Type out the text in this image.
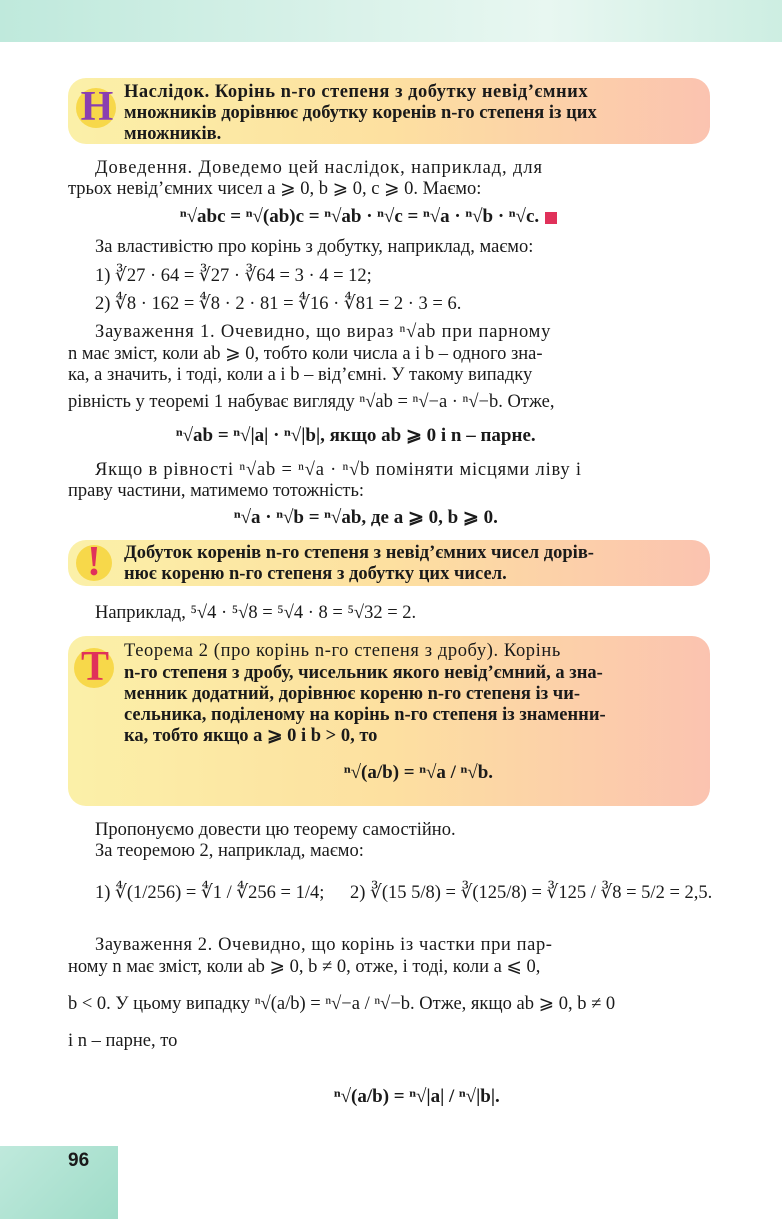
Н Наслідок. Корінь n-го степеня з добутку невід’ємних
множників дорівнює добутку коренів n-го степеня із цих
множників.
Доведення. Доведемо цей наслідок, наприклад, для
трьох невід’ємних чисел a ⩾ 0, b ⩾ 0, c ⩾ 0. Маємо:
ⁿ√abc = ⁿ√(ab)c = ⁿ√ab · ⁿ√c = ⁿ√a · ⁿ√b · ⁿ√c.
За властивістю про корінь з добутку, наприклад, маємо:
1) ∛27 · 64 = ∛27 · ∛64 = 3 · 4 = 12;
2) ∜8 · 162 = ∜8 · 2 · 81 = ∜16 · ∜81 = 2 · 3 = 6.
Зауваження 1. Очевидно, що вираз ⁿ√ab при парному
n має зміст, коли ab ⩾ 0, тобто коли числа a і b – одного зна-
ка, а значить, і тоді, коли a і b – від’ємні. У такому випадку
рівність у теоремі 1 набуває вигляду ⁿ√ab = ⁿ√−a · ⁿ√−b. Отже,
ⁿ√ab = ⁿ√|a| · ⁿ√|b|, якщо ab ⩾ 0 і n – парне.
Якщо в рівності ⁿ√ab = ⁿ√a · ⁿ√b поміняти місцями ліву і
праву частини, матимемо тотожність:
ⁿ√a · ⁿ√b = ⁿ√ab, де a ⩾ 0, b ⩾ 0.
!	Добуток коренів n-го степеня з невід’ємних чисел дорів-
нює кореню n-го степеня з добутку цих чисел.
Наприклад, ⁵√4 · ⁵√8 = ⁵√4 · 8 = ⁵√32 = 2.
Т Теорема 2 (про корінь n-го степеня з дробу). Корінь
n-го степеня з дробу, чисельник якого невід’ємний, а зна-
менник додатний, дорівнює кореню n-го степеня із чи-
сельника, поділеному на корінь n-го степеня із знаменни-
ка, тобто якщо a ⩾ 0 і b > 0, то
ⁿ√(a/b) = ⁿ√a / ⁿ√b.
Пропонуємо довести цю теорему самостійно.
За теоремою 2, наприклад, маємо:
1) ∜(1/256) = ∜1 / ∜256 = 1/4; 2) ∛(15 5/8) = ∛(125/8) = ∛125 / ∛8 = 5/2 = 2,5.
Зауваження 2. Очевидно, що корінь із частки при пар-
ному n має зміст, коли ab ⩾ 0, b ≠ 0, отже, і тоді, коли a ⩽ 0,
b < 0. У цьому випадку ⁿ√(a/b) = ⁿ√−a / ⁿ√−b. Отже, якщо ab ⩾ 0, b ≠ 0
і n – парне, то
ⁿ√(a/b) = ⁿ√|a| / ⁿ√|b|.
96
